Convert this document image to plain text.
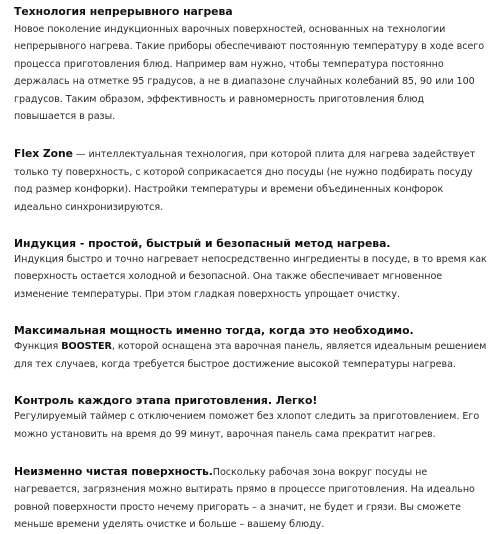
Технология непрерывного нагрева

Новое поколение индукционных варочных поверхностей, основанных на технологии непрерывного нагрева. Такие приборы обеспечивают постоянную температуру в ходе всего процесса приготовления блюд. Например вам нужно, чтобы температура постоянно держалась на отметке 95 градусов, а не в диапазоне случайных колебаний 85, 90 или 100 градусов. Таким образом, эффективность и равномерность приготовления блюд повышается в разы.

Flex Zone — интеллектуальная технология, при которой плита для нагрева задействует только ту поверхность, с которой соприкасается дно посуды (не нужно подбирать посуду под размер конфорки). Настройки температуры и времени объединенных конфорок идеально синхронизируются.

Индукция - простой, быстрый и безопасный метод нагрева.

Индукция быстро и точно нагревает непосредственно ингредиенты в посуде, в то время как поверхность остается холодной и безопасной. Она также обеспечивает мгновенное изменение температуры. При этом гладкая поверхность упрощает очистку.

Максимальная мощность именно тогда, когда это необходимо.

Функция BOOSTER, которой оснащена эта варочная панель, является идеальным решением для тех случаев, когда требуется быстрое достижение высокой температуры нагрева.

Контроль каждого этапа приготовления. Легко!

Регулируемый таймер с отключением поможет без хлопот следить за приготовлением. Его можно установить на время до 99 минут, варочная панель сама прекратит нагрев.

Неизменно чистая поверхность.Поскольку рабочая зона вокруг посуды не нагревается, загрязнения можно вытирать прямо в процессе приготовления. На идеально ровной поверхности просто нечему пригорать – а значит, не будет и грязи. Вы сможете меньше времени уделять очистке и больше – вашему блюду.
